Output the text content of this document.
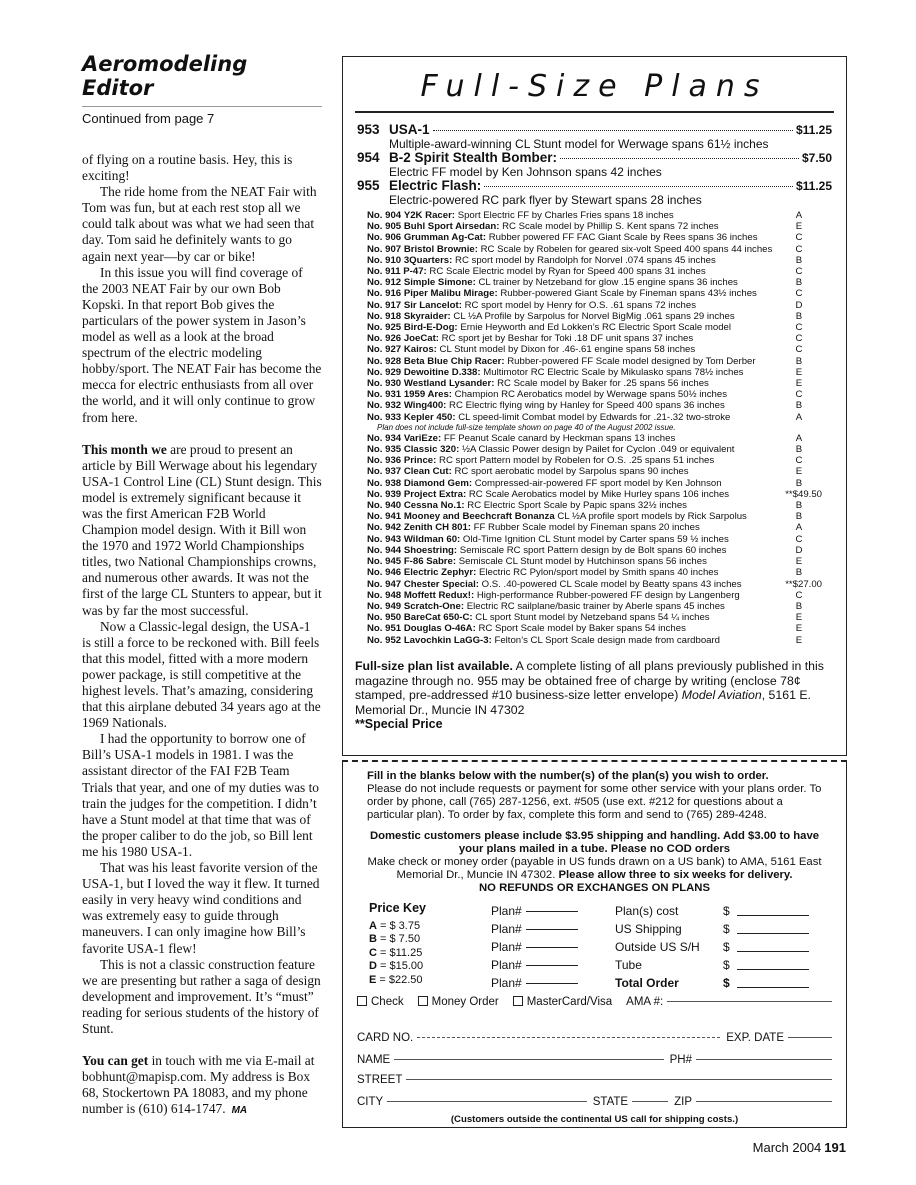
Aeromodeling Editor
Continued from page 7

of flying on a routine basis. Hey, this is exciting!

The ride home from the NEAT Fair with Tom was fun, but at each rest stop all we could talk about was what we had seen that day. Tom said he definitely wants to go again next year—by car or bike!

In this issue you will find coverage of the 2003 NEAT Fair by our own Bob Kopski. In that report Bob gives the particulars of the power system in Jason’s model as well as a look at the broad spectrum of the electric modeling hobby/sport. The NEAT Fair has become the mecca for electric enthusiasts from all over the world, and it will only continue to grow from here.

This month we are proud to present an article by Bill Werwage about his legendary USA-1 Control Line (CL) Stunt design. This model is extremely significant because it was the first American F2B World Champion model design. With it Bill won the 1970 and 1972 World Championships titles, two National Championships crowns, and numerous other awards. It was not the first of the large CL Stunters to appear, but it was by far the most successful.

Now a Classic-legal design, the USA-1 is still a force to be reckoned with. Bill feels that this model, fitted with a more modern power package, is still competitive at the highest levels. That’s amazing, considering that this airplane debuted 34 years ago at the 1969 Nationals.

I had the opportunity to borrow one of Bill’s USA-1 models in 1981. I was the assistant director of the FAI F2B Team Trials that year, and one of my duties was to train the judges for the competition. I didn’t have a Stunt model at that time that was of the proper caliber to do the job, so Bill lent me his 1980 USA-1.

That was his least favorite version of the USA-1, but I loved the way it flew. It turned easily in very heavy wind conditions and was extremely easy to guide through maneuvers. I can only imagine how Bill’s favorite USA-1 flew!

This is not a classic construction feature we are presenting but rather a saga of design development and improvement. It’s “must” reading for serious students of the history of Stunt.

You can get in touch with me via E-mail at bobhunt@mapisp.com. My address is Box 68, Stockertown PA 18083, and my phone number is (610) 614-1747. MA

Full-Size Plans
953 USA-1	$11.25
Multiple-award-winning CL Stunt model for Werwage spans 61½ inches
954 B-2 Spirit Stealth Bomber:	$7.50
Electric FF model by Ken Johnson spans 42 inches
955 Electric Flash:	$11.25
Electric-powered RC park flyer by Stewart spans 28 inches
No. 904 Y2K Racer: Sport Electric FF by Charles Fries spans 18 inches	A
No. 905 Buhl Sport Airsedan: RC Scale model by Phillip S. Kent spans 72 inches	E
No. 906 Grumman Ag-Cat: Rubber powered FF FAC Giant Scale by Rees spans 36 inches	C
No. 907 Bristol Brownie: RC Scale by Robelen for geared six-volt Speed 400 spans 44 inches	C
No. 910 3Quarters: RC sport model by Randolph for Norvel .074 spans 45 inches	B
No. 911 P-47: RC Scale Electric model by Ryan for Speed 400 spans 31 inches	C
No. 912 Simple Simone: CL trainer by Netzeband for glow .15 engine spans 36 inches	B
No. 916 Piper Malibu Mirage: Rubber-powered Giant Scale by Fineman spans 43½ inches	C
No. 917 Sir Lancelot: RC sport model by Henry for O.S. .61 spans 72 inches	D
No. 918 Skyraider: CL ½A Profile by Sarpolus for Norvel BigMig .061 spans 29 inches	B
No. 925 Bird-E-Dog: Ernie Heyworth and Ed Lokken’s RC Electric Sport Scale model	C
No. 926 JoeCat: RC sport jet by Beshar for Toki .18 DF unit spans 37 inches	C
No. 927 Kairos: CL Stunt model by Dixon for .46-.61 engine spans 58 inches	C
No. 928 Beta Blue Chip Racer: Rubber-powered FF Scale model designed by Tom Derber	B
No. 929 Dewoitine D.338: Multimotor RC Electric Scale by Mikulasko spans 78½ inches	E
No. 930 Westland Lysander: RC Scale model by Baker for .25 spans 56 inches	E
No. 931 1959 Ares: Champion RC Aerobatics model by Werwage spans 50½ inches	C
No. 932 Wing400: RC Electric flying wing by Hanley for Speed 400 spans 36 inches	B
No. 933 Kepler 450: CL speed-limit Combat model by Edwards for .21-.32 two-stroke	A
Plan does not include full-size template shown on page 40 of the August 2002 issue.
No. 934 VariEze: FF Peanut Scale canard by Heckman spans 13 inches	A
No. 935 Classic 320: ½A Classic Power design by Pailet for Cyclon .049 or equivalent	B
No. 936 Prince: RC sport Pattern model by Robelen for O.S. .25 spans 51 inches	C
No. 937 Clean Cut: RC sport aerobatic model by Sarpolus spans 90 inches	E
No. 938 Diamond Gem: Compressed-air-powered FF sport model by Ken Johnson	B
No. 939 Project Extra: RC Scale Aerobatics model by Mike Hurley spans 106 inches	**$49.50
No. 940 Cessna No.1: RC Electric Sport Scale by Papic spans 32½ inches	B
No. 941 Mooney and Beechcraft Bonanza CL ½A profile sport models by Rick Sarpolus	B
No. 942 Zenith CH 801: FF Rubber Scale model by Fineman spans 20 inches	A
No. 943 Wildman 60: Old-Time Ignition CL Stunt model by Carter spans 59 ½ inches	C
No. 944 Shoestring: Semiscale RC sport Pattern design by de Bolt spans 60 inches	D
No. 945 F-86 Sabre: Semiscale CL Stunt model by Hutchinson spans 56 inches	E
No. 946 Electric Zephyr: Electric RC Pylon/sport model by Smith spans 40 inches	B
No. 947 Chester Special: O.S. .40-powered CL Scale model by Beatty spans 43 inches	**$27.00
No. 948 Moffett Redux!: High-performance Rubber-powered FF design by Langenberg	C
No. 949 Scratch-One: Electric RC sailplane/basic trainer by Aberle spans 45 inches	B
No. 950 BareCat 650-C: CL sport Stunt model by Netzeband spans 54 ¼ inches	E
No. 951 Douglas O-46A: RC Sport Scale model by Baker spans 54 inches	E
No. 952 Lavochkin LaGG-3: Felton’s CL Sport Scale design made from cardboard	E
Full-size plan list available. A complete listing of all plans previously published in this magazine through no. 955 may be obtained free of charge by writing (enclose 78¢ stamped, pre-addressed #10 business-size letter envelope) Model Aviation, 5161 E. Memorial Dr., Muncie IN 47302
**Special Price
Fill in the blanks below with the number(s) of the plan(s) you wish to order.
Please do not include requests or payment for some other service with your plans order. To order by phone, call (765) 287-1256, ext. #505 (use ext. #212 for questions about a particular plan). To order by fax, complete this form and send to (765) 289-4248.
Domestic customers please include $3.95 shipping and handling. Add $3.00 to have your plans mailed in a tube. Please no COD orders
Make check or money order (payable in US funds drawn on a US bank) to AMA, 5161 East Memorial Dr., Muncie IN 47302. Please allow three to six weeks for delivery.
NO REFUNDS OR EXCHANGES ON PLANS
Price Key
A = $ 3.75
B = $ 7.50
C = $11.25
D = $15.00
E = $22.50
Plan#
Plan#
Plan#
Plan#
Plan#
Plan(s) cost	$
US Shipping	$
Outside US S/H	$
Tube	$
Total Order	$
Check	Money Order	MasterCard/Visa AMA #:
CARD NO.	EXP. DATE
NAME	PH#
STREET
CITY	STATE	ZIP
(Customers outside the continental US call for shipping costs.)
March 2004 191
